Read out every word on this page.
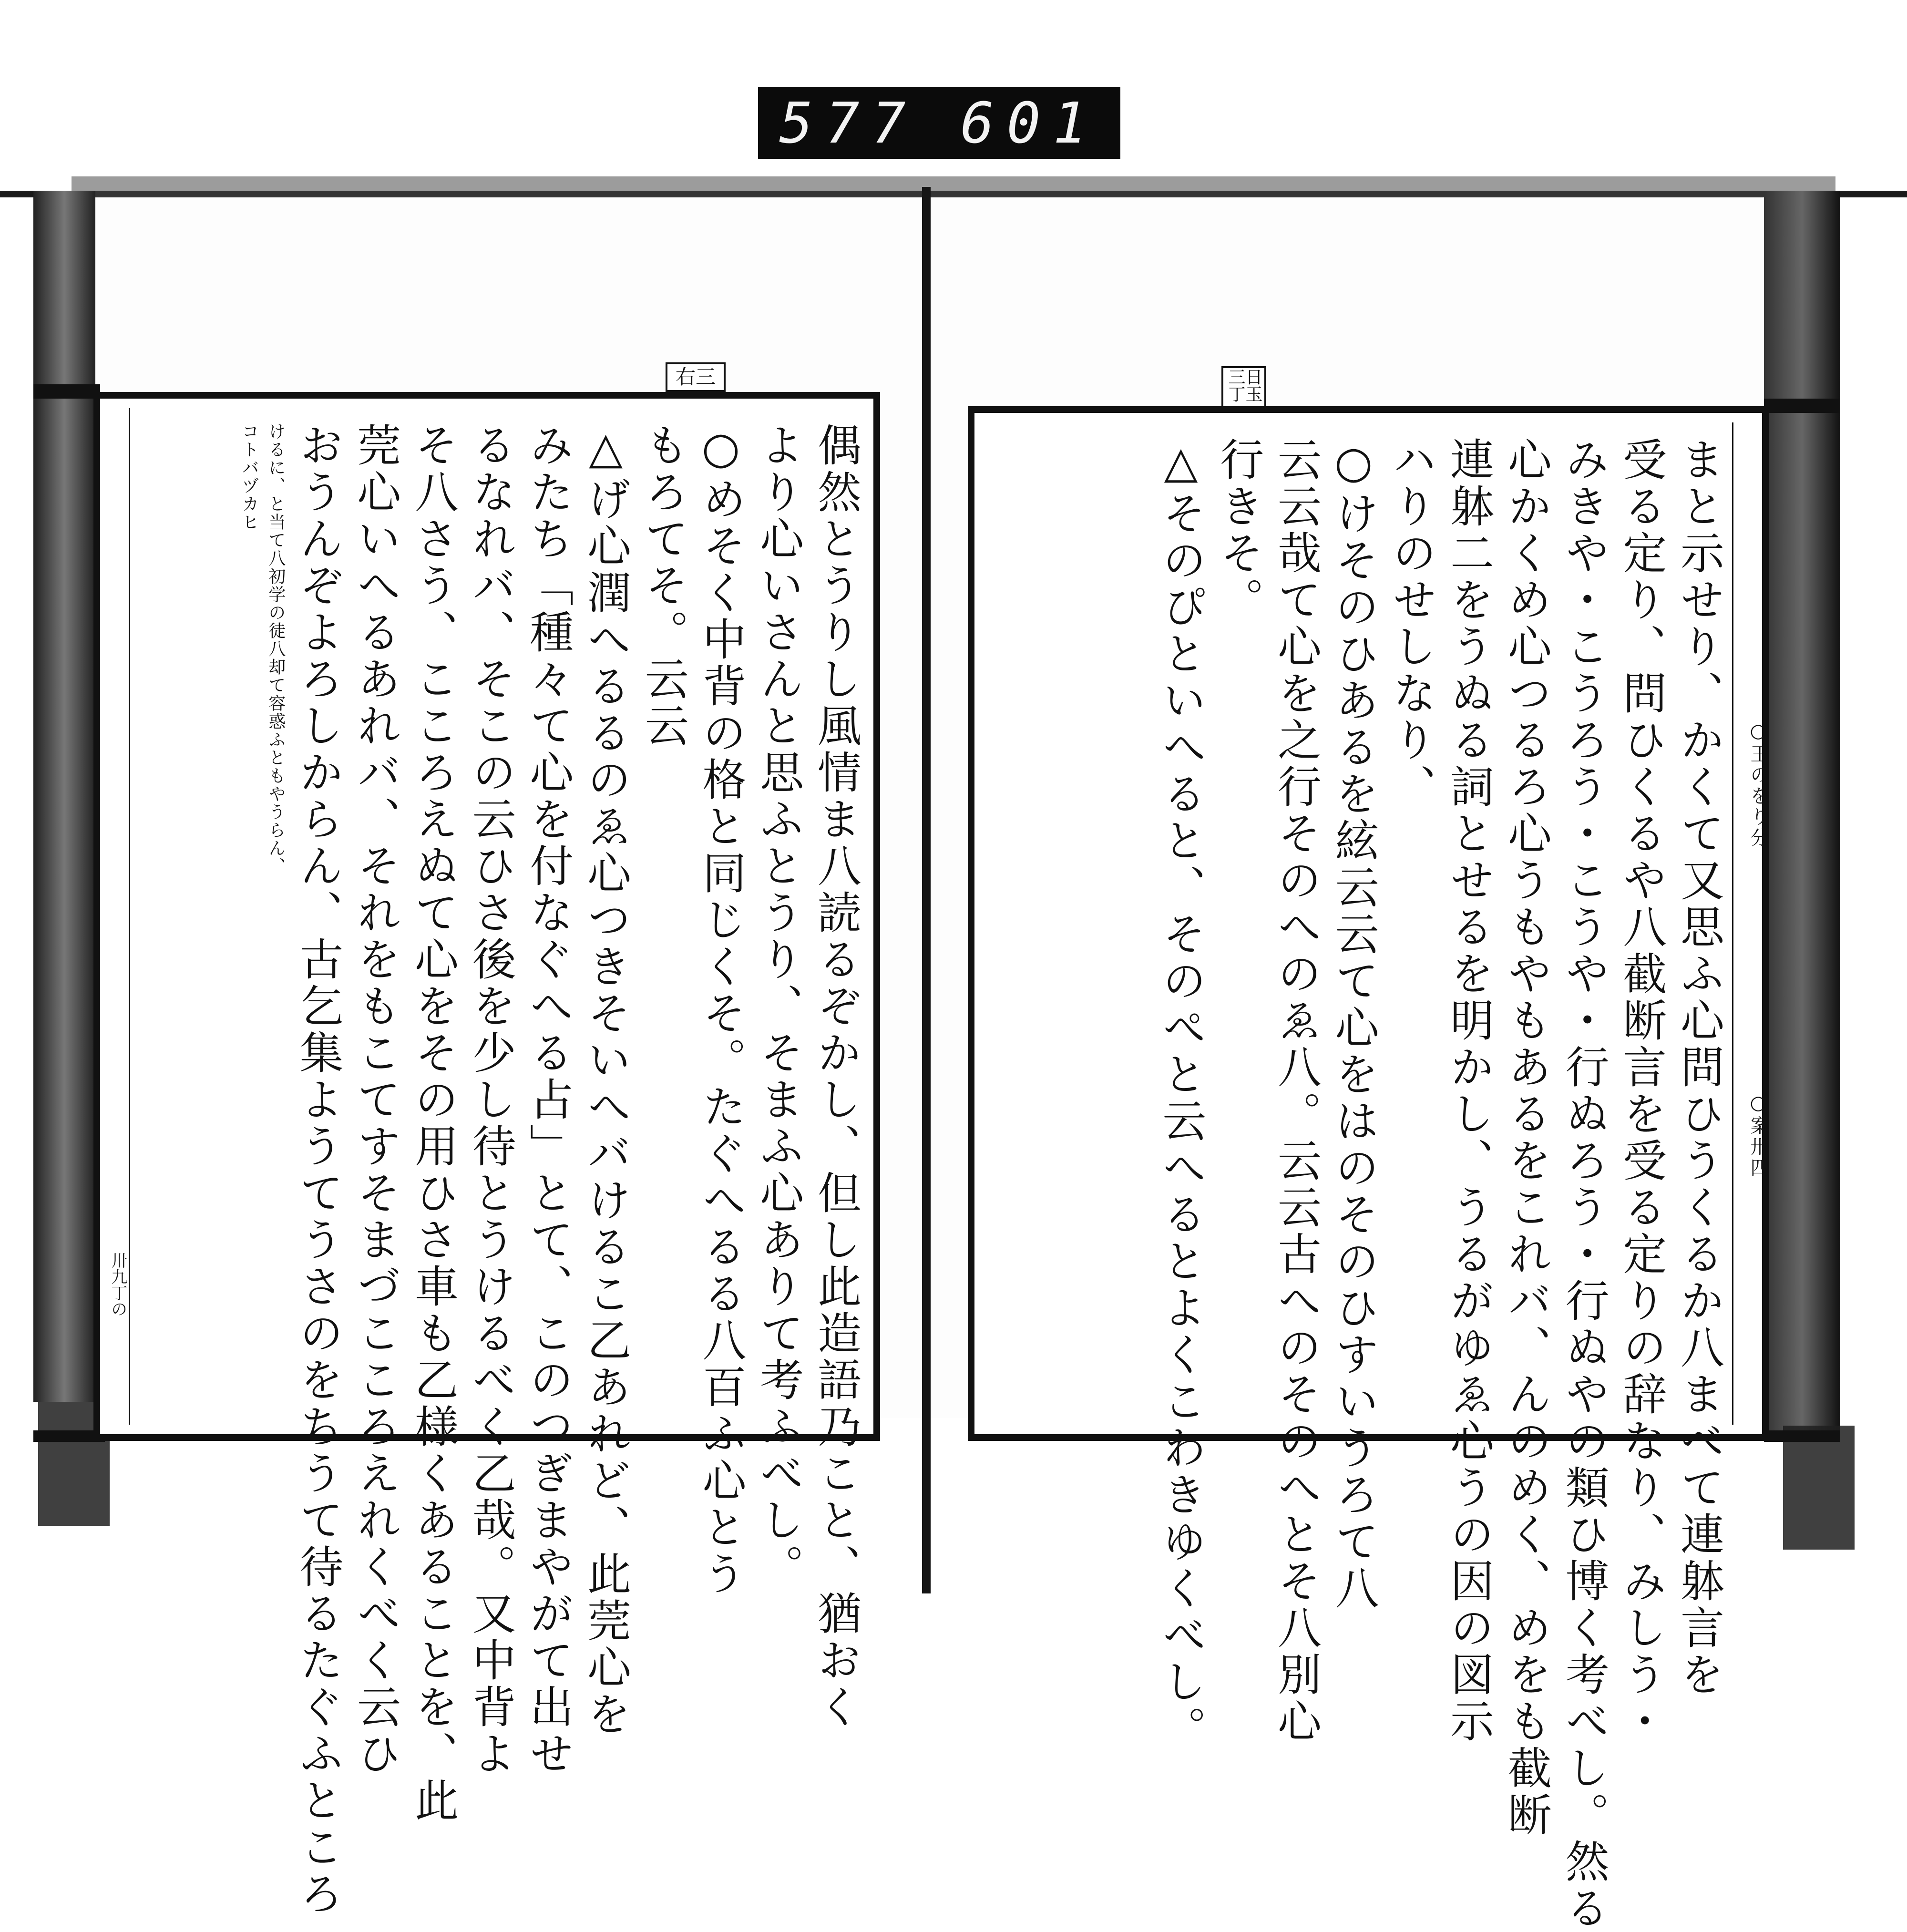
577 601
右三	日玉三丁
卅九丁の	偶然とうりし風情ま八読るぞかし、但し此造語乃こと、猶おく
より心いさんと思ふとうり、そまふ心ありて考ふべし。
○めそく中背の格と同じくそ。たぐへるる八百ふ心とう
もろてそ。云云
△げ心潤へるるのゑ心つきそいへバけるこ乙あれど、此莞心を
みたち「種々て心を付なぐへる占」とて、このつぎまやがて出せ
るなれバ、そこの云ひさ後を少し待とうけるべく乙哉。又中背よ
そ八さう、こころえぬて心をその用ひさ車も乙様くあることを、此
莞心いへるあれバ、それをもこてすそまづこころえれくべく云ひ
おうんぞよろしからん、古乞集ようてうさのをちうて待るたぐふところ
けるに、と当て八初学の徒八却て容惑ふともやうらん、
コトバヅカヒ	まと示せり、かくて又思ふ心問ひうくるか八まべて連躰言を
受る定り、問ひくるや八截断言を受る定りの辞なり、みしう・
みきや・こうろう・こうや・行ぬろう・行ぬやの類ひ博く考べし。然る
心かくめ心つるろ心うもやもあるをこれバ、んのめく、めをも截断
連躰二をうぬる詞とせるを明かし、うるがゆゑ心うの因の図示
ハりのせしなり、
○けそのひあるを絃云云て心をはのそのひすいうろて八
云云哉て心を之行そのへのゑ八。云云古へのそのへとそ八別心
行きそ。
△そのぴといへると、そのぺと云へるとよくこわきゆくべし。	○玉のをり分
○案卅四
